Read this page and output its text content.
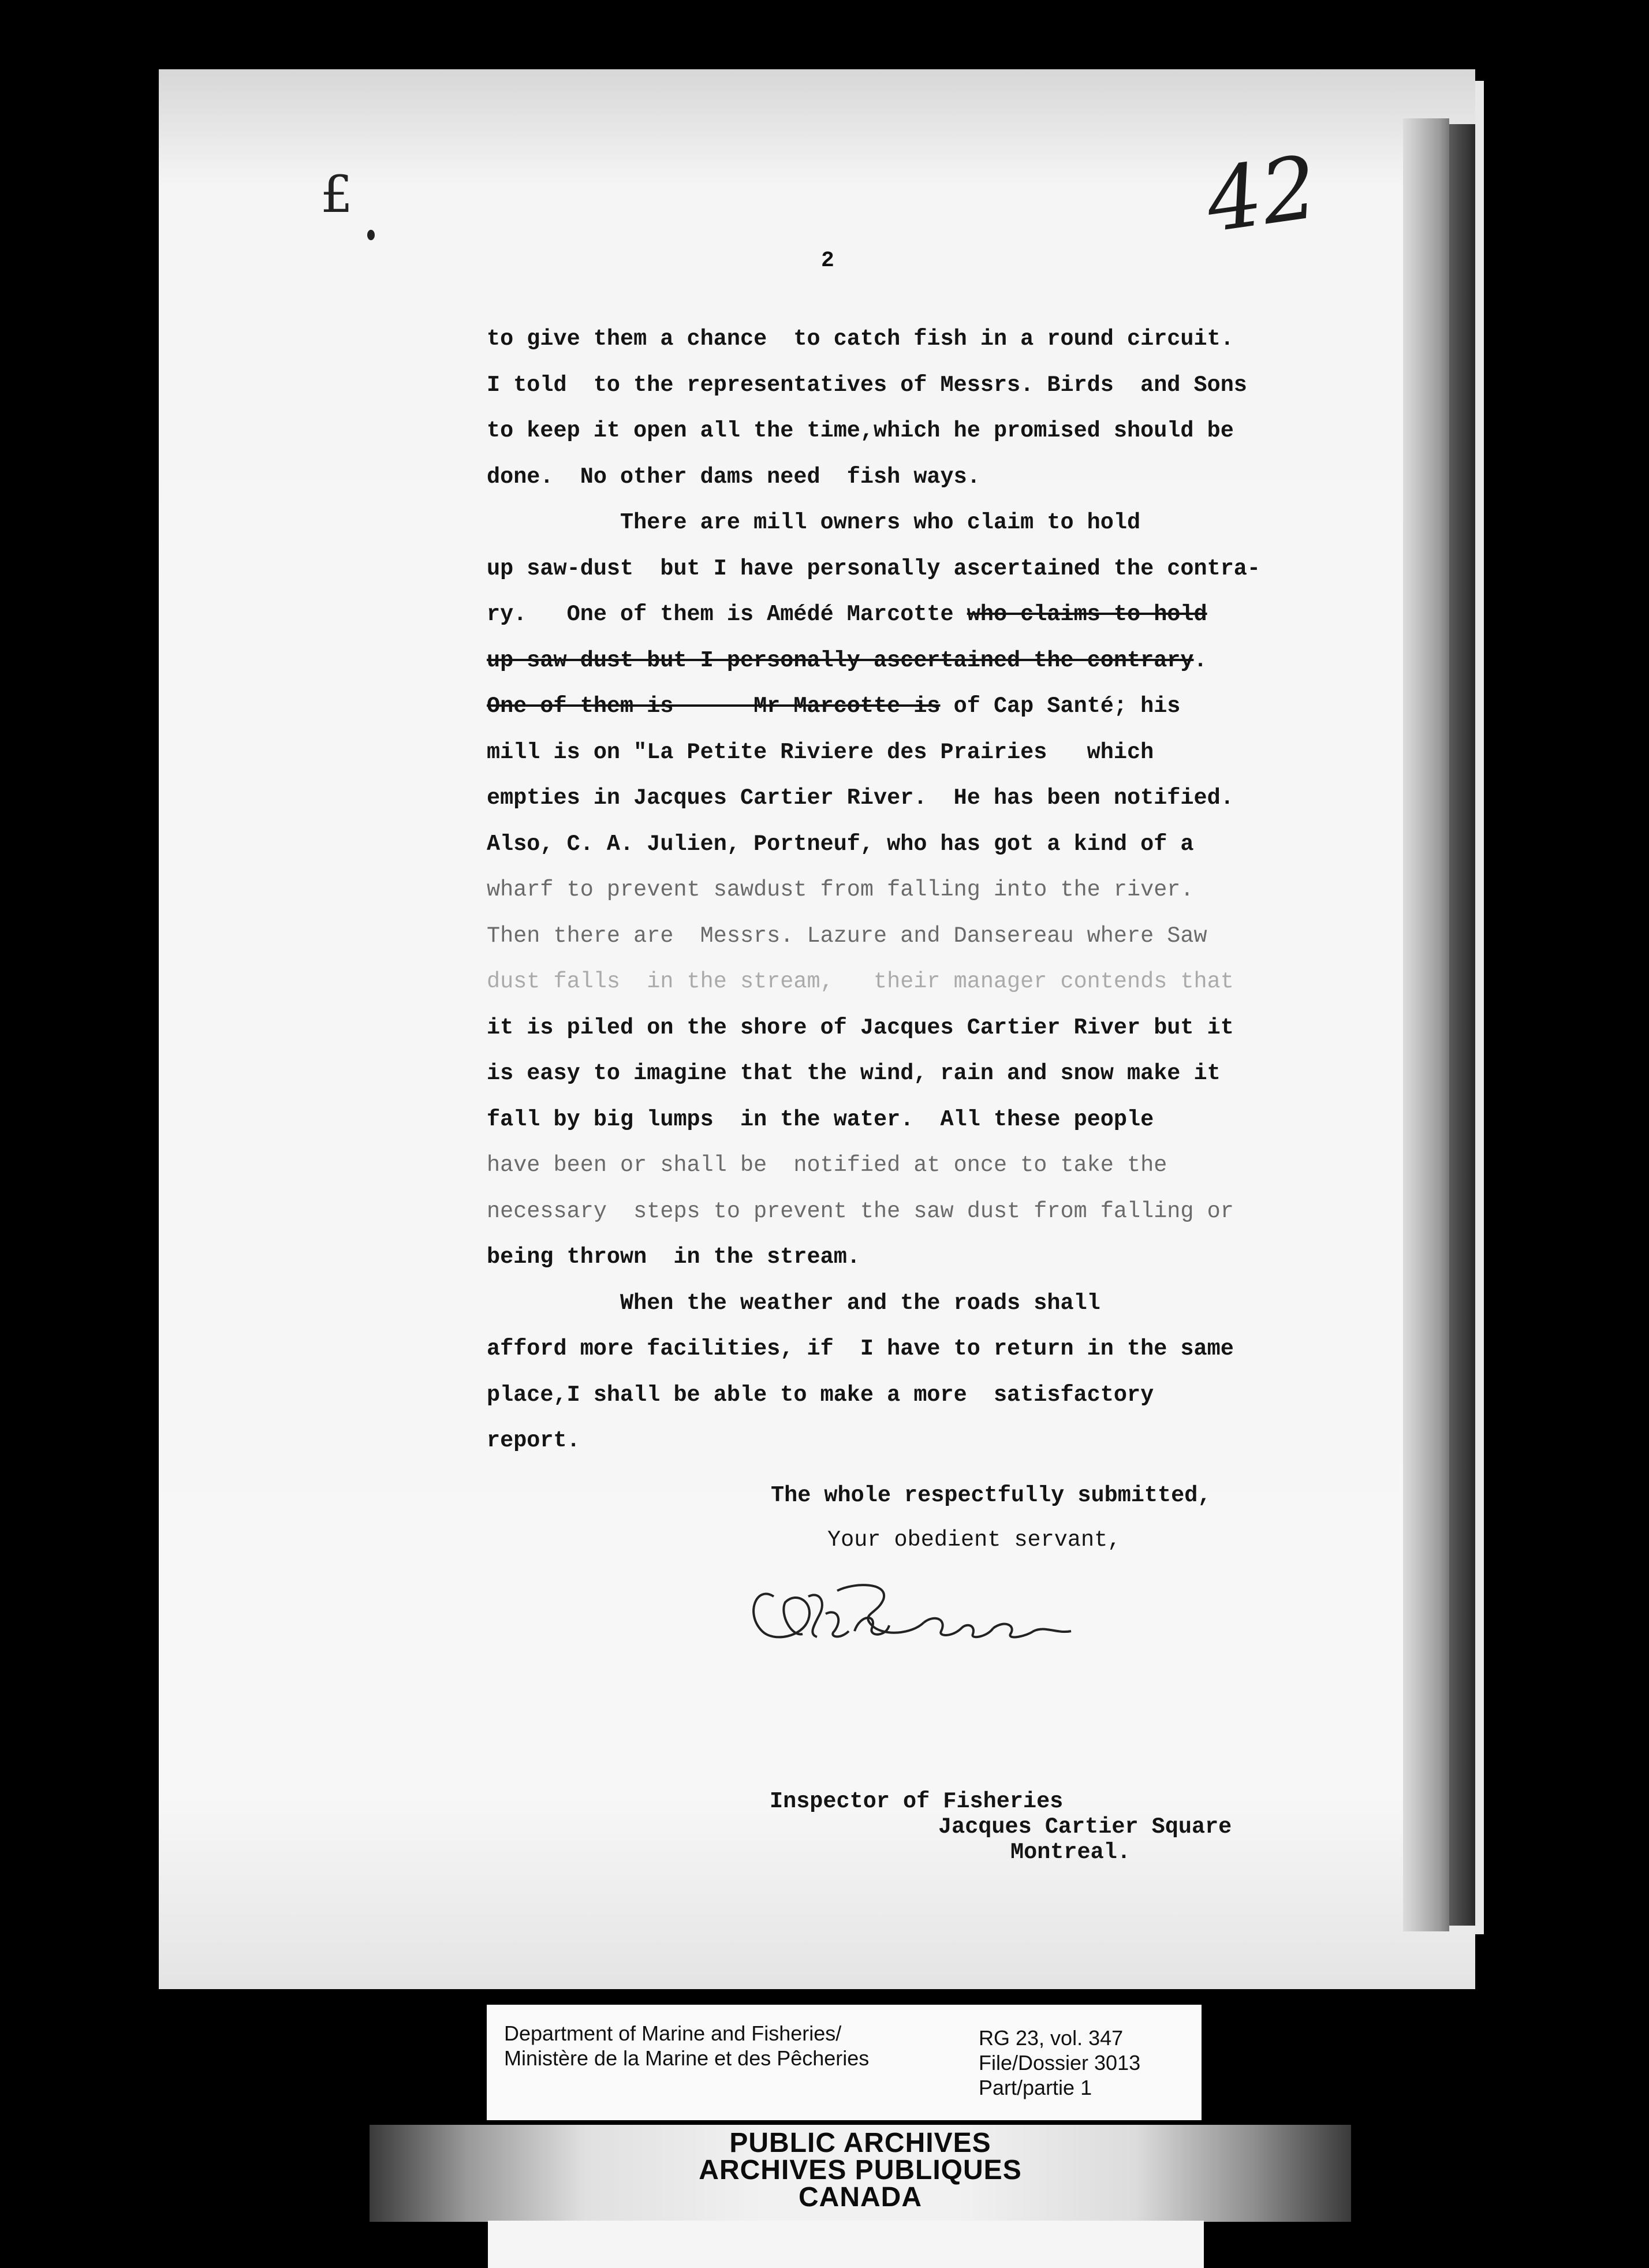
£	42
2
to give them a chance  to catch fish in a round circuit.
I told  to the representatives of Messrs. Birds  and Sons
to keep it open all the time,which he promised should be
done.  No other dams need  fish ways.
There are mill owners who claim to hold
up saw-dust  but I have personally ascertained the contra-
ry.   One of them is Amédé Marcotte who claims to hold
up saw dust but I personally ascertained the contrary.
One of them is      Mr Marcotte is of Cap Santé; his
mill is on "La Petite Riviere des Prairies   which
empties in Jacques Cartier River.  He has been notified.
Also, C. A. Julien, Portneuf, who has got a kind of a
wharf to prevent sawdust from falling into the river.
Then there are  Messrs. Lazure and Dansereau where Saw
dust falls  in the stream,   their manager contends that
it is piled on the shore of Jacques Cartier River but it
is easy to imagine that the wind, rain and snow make it
fall by big lumps  in the water.  All these people
have been or shall be  notified at once to take the
necessary  steps to prevent the saw dust from falling or
being thrown  in the stream.
When the weather and the roads shall
afford more facilities, if  I have to return in the same
place,I shall be able to make a more  satisfactory
report.
The whole respectfully submitted,
Your obedient servant,
Inspector of Fisheries
Jacques Cartier Square
Montreal.
Department of Marine and Fisheries/
Ministère de la Marine et des Pêcheries
RG 23, vol. 347
File/Dossier 3013
Part/partie 1
PUBLIC ARCHIVES
ARCHIVES PUBLIQUES
CANADA
